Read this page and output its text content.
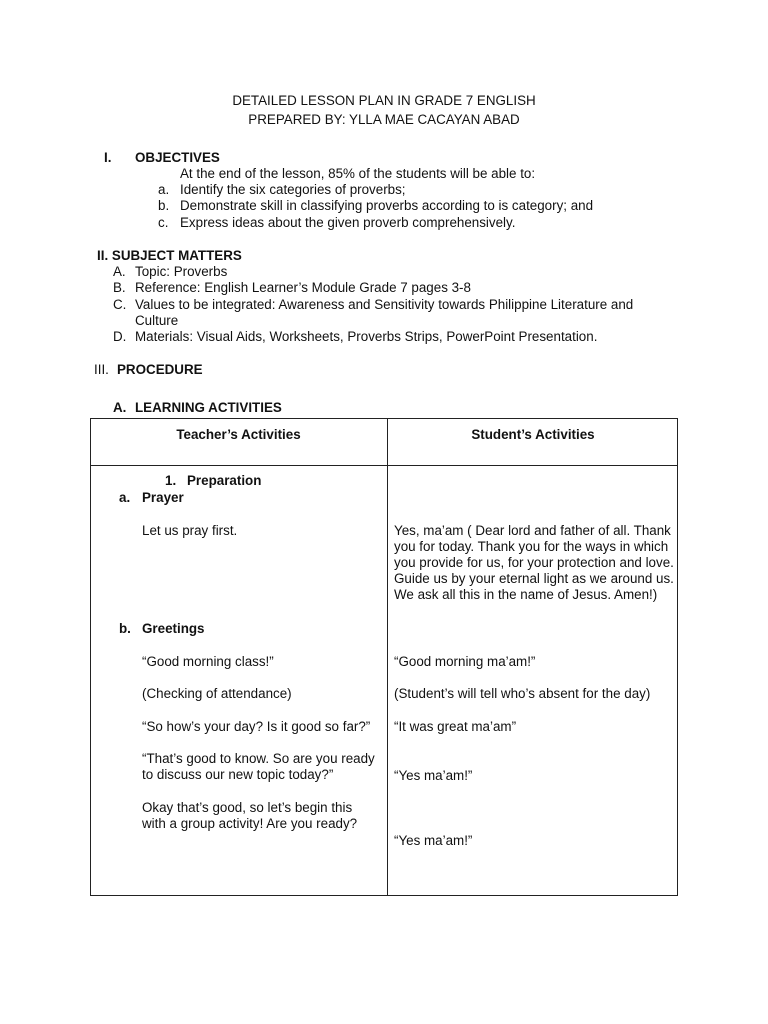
DETAILED LESSON PLAN IN GRADE 7 ENGLISH
PREPARED BY: YLLA MAE CACAYAN ABAD
I. OBJECTIVES
At the end of the lesson, 85% of the students will be able to:
a. Identify the six categories of proverbs;
b. Demonstrate skill in classifying proverbs according to is category; and
c. Express ideas about the given proverb comprehensively.
II. SUBJECT MATTERS
A. Topic: Proverbs
B. Reference: English Learner’s Module Grade 7 pages 3-8
C. Values to be integrated: Awareness and Sensitivity towards Philippine Literature and Culture
D. Materials: Visual Aids, Worksheets, Proverbs Strips, PowerPoint Presentation.
III. PROCEDURE
A. LEARNING ACTIVITIES
Teacher’s Activities	Student’s Activities
1. Preparation
a. Prayer
Let us pray first.
b. Greetings
“Good morning class!”
(Checking of attendance)
“So how’s your day? Is it good so far?”
“That’s good to know. So are you ready to discuss our new topic today?”
Okay that’s good, so let’s begin this with a group activity! Are you ready?
Yes, ma’am ( Dear lord and father of all. Thank you for today. Thank you for the ways in which you provide for us, for your protection and love. Guide us by your eternal light as we around us. We ask all this in the name of Jesus. Amen!)
“Good morning ma’am!”
(Student’s will tell who’s absent for the day)
“It was great ma’am”
“Yes ma’am!”
“Yes ma’am!”
